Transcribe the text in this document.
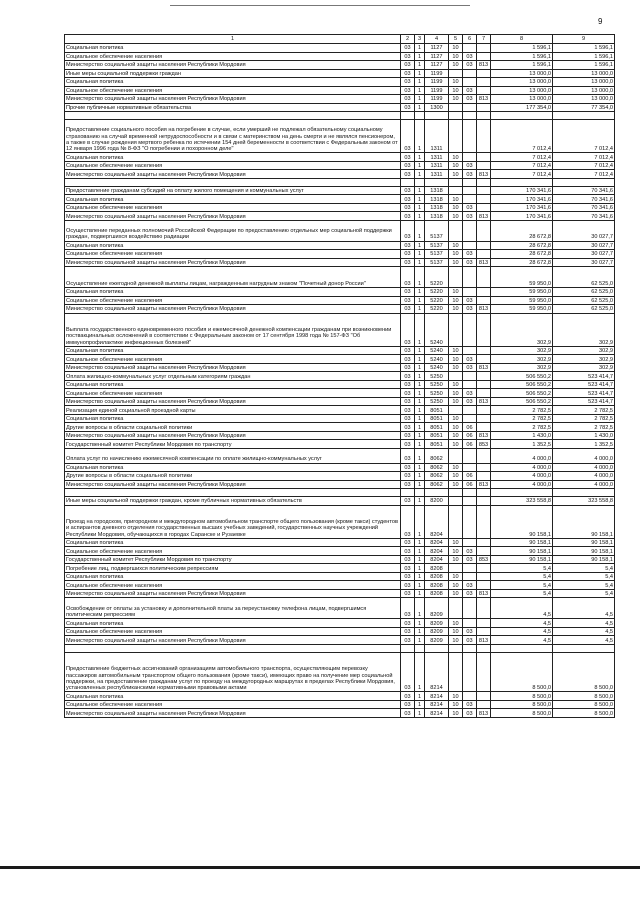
9
1	2	3	4	5	6	7	8	9
Социальная политика	03	1	1127	10			1 596,1	1 596,1
Социальное обеспечение населения	03	1	1127	10	03		1 596,1	1 596,1
Министерство социальной защиты населения Республики Мордовия	03	1	1127	10	03	813	1 596,1	1 596,1
Иные меры социальной поддержки граждан	03	1	1199				13 000,0	13 000,0
Социальная политика	03	1	1199	10			13 000,0	13 000,0
Социальное обеспечение населения	03	1	1199	10	03		13 000,0	13 000,0
Министерство социальной защиты населения Республики Мордовия	03	1	1199	10	03	813	13 000,0	13 000,0
Прочие публичные нормативные обязательства	03	1	1300				177 354,0	77 354,0

Предоставление социального пособия на погребение в случае, если умерший не подлежал обязательному социальному страхованию на случай временной нетрудоспособности и в связи с материнством на день смерти и не являлся пенсионером, а также в случае рождения мертвого ребенка по истечении 154 дней беременности в соответствии с Федеральным законом от 12 января 1996 года № 8-ФЗ "О погребении и похоронном деле"	03	1	1311				7 012,4	7 012,4
Социальная политика	03	1	1311	10			7 012,4	7 012,4
Социальное обеспечение населения	03	1	1311	10	03		7 012,4	7 012,4
Министерство социальной защиты населения Республики Мордовия	03	1	1311	10	03	813	7 012,4	7 012,4

Предоставление гражданам субсидий на оплату жилого помещения и коммунальных услуг	03	1	1318				170 341,6	70 341,6
Социальная политика	03	1	1318	10			170 341,6	70 341,6
Социальное обеспечение населения	03	1	1318	10	03		170 341,6	70 341,6
Министерство социальной защиты населения Республики Мордовия	03	1	1318	10	03	813	170 341,6	70 341,6
Осуществление переданных полномочий Российской Федерации по предоставлению отдельных мер социальной поддержки граждан, подвергшихся воздействию радиации	03	1	5137				28 672,8	30 027,7
Социальная политика	03	1	5137	10			28 672,8	30 027,7
Социальное обеспечение населения	03	1	5137	10	03		28 672,8	30 027,7
Министерство социальной защиты населения Республики Мордовия	03	1	5137	10	03	813	28 672,8	30 027,7
Осуществление ежегодной денежной выплаты лицам, награжденным нагрудным знаком "Почетный донор России"	03	1	5220				59 950,0	62 525,0
Социальная политика	03	1	5220	10			59 950,0	62 525,0
Социальное обеспечение населения	03	1	5220	10	03		59 950,0	62 525,0
Министерство социальной защиты населения Республики Мордовия	03	1	5220	10	03	813	59 950,0	62 525,0
Выплата государственного единовременного пособия и ежемесячной денежной компенсации гражданам при возникновении поствакцинальных осложнений в соответствии с Федеральным законом от 17 сентября 1998 года № 157-ФЗ "Об иммунопрофилактике инфекционных болезней"	03	1	5240				302,9	302,9
Социальная политика	03	1	5240	10			302,9	302,9
Социальное обеспечение населения	03	1	5240	10	03		302,9	302,9
Министерство социальной защиты населения Республики Мордовия	03	1	5240	10	03	813	302,9	302,9
Оплата жилищно-коммунальных услуг отдельным категориям граждан	03	1	5250				506 550,2	523 414,7
Социальная политика	03	1	5250	10			506 550,2	523 414,7
Социальное обеспечение населения	03	1	5250	10	03		506 550,2	523 414,7
Министерство социальной защиты населения Республики Мордовия	03	1	5250	10	03	813	506 550,2	523 414,7
Реализация единой социальной проездной карты	03	1	8051				2 782,5	2 782,5
Социальная политика	03	1	8051	10			2 782,5	2 782,5
Другие вопросы в области социальной политики	03	1	8051	10	06		2 782,5	2 782,5
Министерство социальной защиты населения Республики Мордовия	03	1	8051	10	06	813	1 430,0	1 430,0
Государственный комитет Республики Мордовия по транспорту	03	1	8051	10	06	853	1 352,5	1 352,5
Оплата услуг по начислению ежемесячной компенсации по оплате жилищно-коммунальных услуг	03	1	8062				4 000,0	4 000,0
Социальная политика	03	1	8062	10			4 000,0	4 000,0
Другие вопросы в области социальной политики	03	1	8062	10	06		4 000,0	4 000,0
Министерство социальной защиты населения Республики Мордовия	03	1	8062	10	06	813	4 000,0	4 000,0

Иные меры социальной поддержки граждан, кроме публичных нормативных обязательств	03	1	8200				323 558,8	323 558,8
Проезд на городском, пригородном и междугородном автомобильном транспорте общего пользования (кроме такси) студентов и аспирантов дневного отделения государственных высших учебных заведений, государственных научных учреждений Республики Мордовия, обучающихся в городах Саранске и Рузаевке	03	1	8204				90 158,1	90 158,1
Социальная политика	03	1	8204	10			90 158,1	90 158,1
Социальное обеспечение населения	03	1	8204	10	03		90 158,1	90 158,1
Государственный комитет Республики Мордовия по транспорту	03	1	8204	10	03	853	90 158,1	90 158,1
Погребение лиц, подвергшихся политическим репрессиям	03	1	8208				5,4	5,4
Социальная политика	03	1	8208	10			5,4	5,4
Социальное обеспечение населения	03	1	8208	10	03		5,4	5,4
Министерство социальной защиты населения Республики Мордовия	03	1	8208	10	03	813	5,4	5,4
Освобождение от оплаты за установку и дополнительной платы за переустановку телефона лицам, подвергшимся политическим репрессиям	03	1	8209				4,5	4,5
Социальная политика	03	1	8209	10			4,5	4,5
Социальное обеспечение населения	03	1	8209	10	03		4,5	4,5
Министерство социальной защиты населения Республики Мордовия	03	1	8209	10	03	813	4,5	4,5

Предоставление бюджетных ассигнований организациям автомобильного транспорта, осуществляющим перевозку пассажиров автомобильным транспортом общего пользования (кроме такси), имеющих право на получение мер социальной поддержки, на предоставление гражданам услуг по проезду на междугородных маршрутах в пределах Республики Мордовия, установленных республиканскими нормативными правовыми актами	03	1	8214				8 500,0	8 500,0
Социальная политика	03	1	8214	10			8 500,0	8 500,0
Социальное обеспечение населения	03	1	8214	10	03		8 500,0	8 500,0
Министерство социальной защиты населения Республики Мордовия	03	1	8214	10	03	813	8 500,0	8 500,0
